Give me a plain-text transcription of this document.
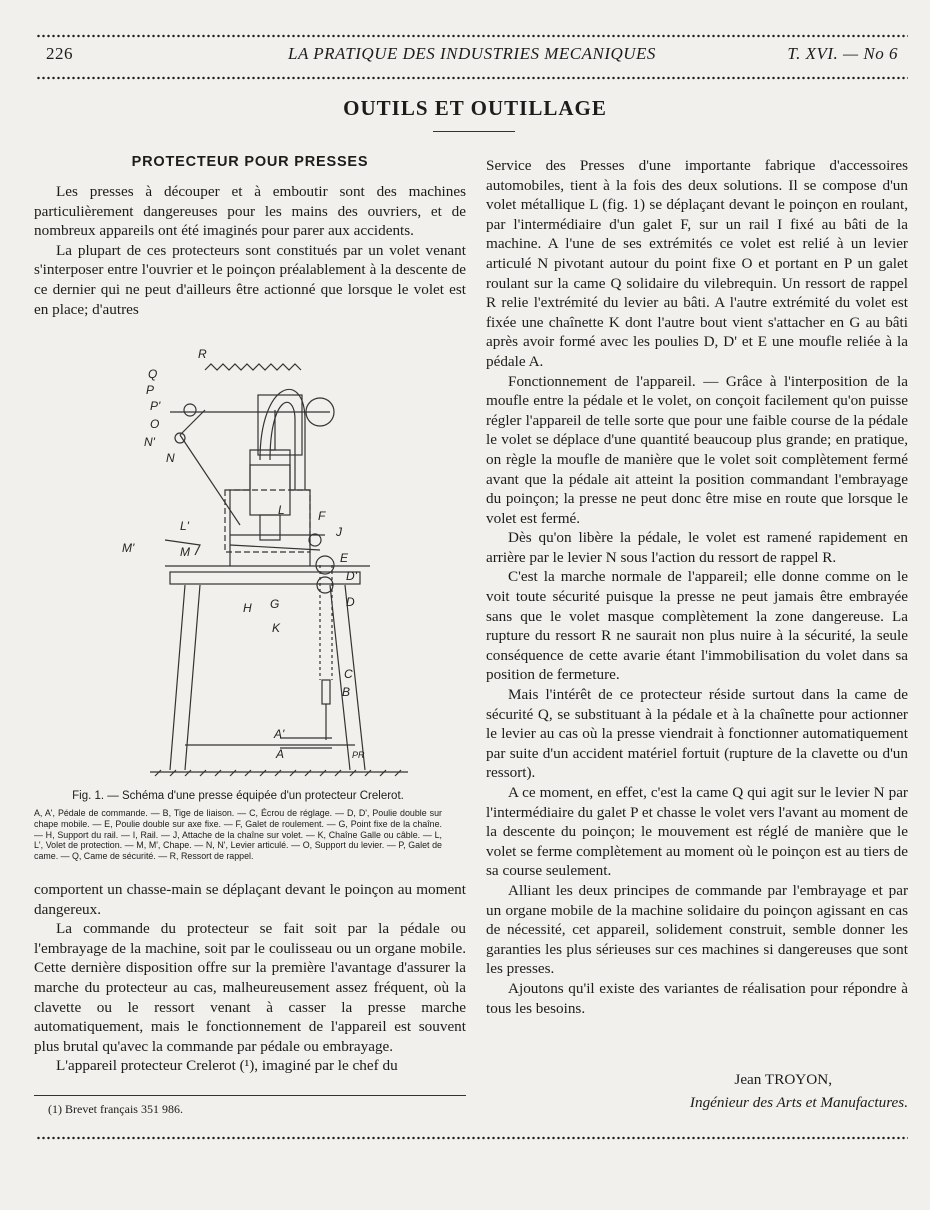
226	LA PRATIQUE DES INDUSTRIES MECANIQUES	T. XVI. — No 6
OUTILS ET OUTILLAGE
PROTECTEUR POUR PRESSES

Les presses à découper et à emboutir sont des machines particulièrement dangereuses pour les mains des ouvriers, et de nombreux appareils ont été imaginés pour parer aux accidents.

La plupart de ces protecteurs sont constitués par un volet venant s'interposer entre l'ouvrier et le poinçon préalablement à la descente de ce dernier qui ne peut d'ailleurs être actionné que lorsque le volet est en place; d'autres

R
Q
P
P'
O
N'
N
L'
M'	M
L	F
J
E
D'
D
H G
K
C
B
A'
A	PR
Fig. 1. — Schéma d'une presse équipée d'un protecteur Crelerot.
A, A', Pédale de commande. — B, Tige de liaison. — C, Écrou de réglage. — D, D', Poulie double sur chape mobile. — E, Poulie double sur axe fixe. — F, Galet de roulement. — G, Point fixe de la chaîne. — H, Support du rail. — I, Rail. — J, Attache de la chaîne sur volet. — K, Chaîne Galle ou câble. — L, L', Volet de protection. — M, M', Chape. — N, N', Levier articulé. — O, Support du levier. — P, Galet de came. — Q, Came de sécurité. — R, Ressort de rappel.

comportent un chasse-main se déplaçant devant le poinçon au moment dangereux.

La commande du protecteur se fait soit par la pédale ou l'embrayage de la machine, soit par le coulisseau ou un organe mobile. Cette dernière disposition offre sur la première l'avantage d'assurer la marche du protecteur au cas, malheureusement assez fréquent, où la clavette ou le ressort venant à casser la presse marche automatiquement, mais le fonctionnement de l'appareil est souvent plus brutal qu'avec la commande par pédale ou embrayage.

L'appareil protecteur Crelerot (¹), imaginé par le chef du

(1) Brevet français 351 986.

Service des Presses d'une importante fabrique d'accessoires automobiles, tient à la fois des deux solutions. Il se compose d'un volet métallique L (fig. 1) se déplaçant devant le poinçon en roulant, par l'intermédiaire d'un galet F, sur un rail I fixé au bâti de la machine. A l'une de ses extrémités ce volet est relié à un levier articulé N pivotant autour du point fixe O et portant en P un galet roulant sur la came Q solidaire du vilebrequin. Un ressort de rappel R relie l'extrémité du levier au bâti. A l'autre extrémité du volet est fixée une chaînette K dont l'autre bout vient s'attacher en G au bâti après avoir formé avec les poulies D, D' et E une moufle reliée à la pédale A.

Fonctionnement de l'appareil. — Grâce à l'interposition de la moufle entre la pédale et le volet, on conçoit facilement qu'on puisse régler l'appareil de telle sorte que pour une faible course de la pédale le volet se déplace d'une quantité beaucoup plus grande; en pratique, on règle la moufle de manière que le volet soit complètement fermé avant que la pédale ait atteint la position commandant l'embrayage du poinçon; la presse ne peut donc être mise en route que lorsque le volet est fermé.

Dès qu'on libère la pédale, le volet est ramené rapidement en arrière par le levier N sous l'action du ressort de rappel R.

C'est la marche normale de l'appareil; elle donne comme on le voit toute sécurité puisque la presse ne peut jamais être embrayée sans que le volet masque complètement la zone dangereuse. La rupture du ressort R ne saurait non plus nuire à la sécurité, la seule conséquence de cette avarie étant l'immobilisation du volet dans sa position de fermeture.

Mais l'intérêt de ce protecteur réside surtout dans la came de sécurité Q, se substituant à la pédale et à la chaînette pour actionner le levier au cas où la presse viendrait à fonctionner automatiquement par suite d'un accident matériel fortuit (rupture de la clavette ou d'un ressort).

A ce moment, en effet, c'est la came Q qui agit sur le levier N par l'intermédiaire du galet P et chasse le volet vers l'avant au moment de la descente du poinçon; le mouvement est réglé de manière que le volet se ferme complètement au moment où le poinçon est au tiers de sa course seulement.

Alliant les deux principes de commande par l'embrayage et par un organe mobile de la machine solidaire du poinçon agissant en cas de nécessité, cet appareil, solidement construit, semble donner les garanties les plus sérieuses sur ces machines si dangereuses que sont les presses.

Ajoutons qu'il existe des variantes de réalisation pour répondre à tous les besoins.

Jean TROYON,
Ingénieur des Arts et Manufactures.
